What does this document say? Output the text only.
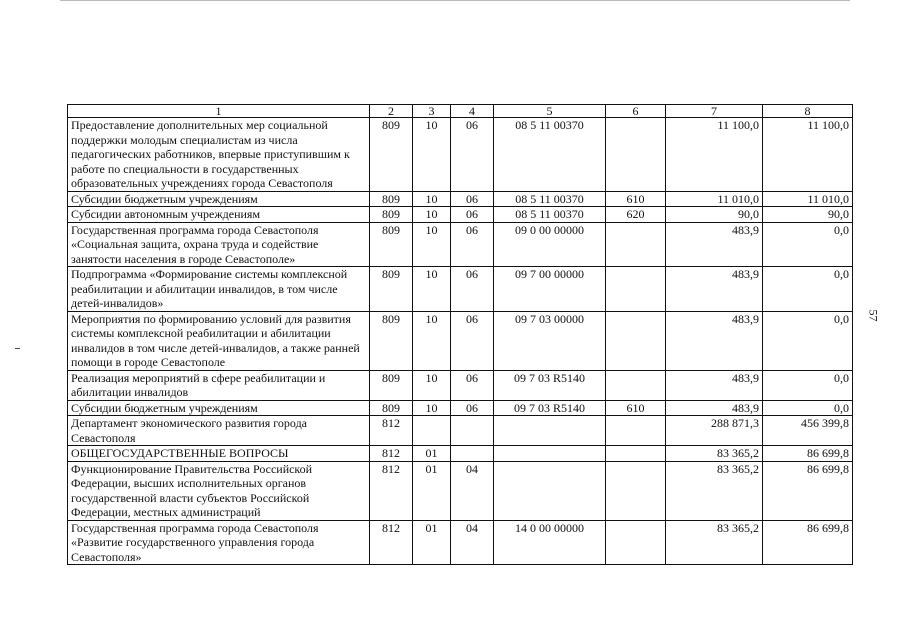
1	2	3	4	5	6	7	8
Предоставление дополнительных мер социальной поддержки молодым специалистам из числа педагогических работников, впервые приступившим к работе по специальности в государственных образовательных учреждениях города Севастополя	809	10	06	08 5 11 00370		11 100,0	11 100,0
Субсидии бюджетным учреждениям	809	10	06	08 5 11 00370	610	11 010,0	11 010,0
Субсидии автономным учреждениям	809	10	06	08 5 11 00370	620	90,0	90,0
Государственная программа города Севастополя «Социальная защита, охрана труда и содействие занятости населения в городе Севастополе»	809	10	06	09 0 00 00000		483,9	0,0
Подпрограмма «Формирование системы комплексной реабилитации и абилитации инвалидов, в том числе детей-инвалидов»	809	10	06	09 7 00 00000		483,9	0,0
Мероприятия по формированию условий для развития системы комплексной реабилитации и абилитации инвалидов в том числе детей-инвалидов, а также ранней помощи в городе Севастополе	809	10	06	09 7 03 00000		483,9	0,0
Реализация мероприятий в сфере реабилитации и абилитации инвалидов	809	10	06	09 7 03 R5140		483,9	0,0
Субсидии бюджетным учреждениям	809	10	06	09 7 03 R5140	610	483,9	0,0
Департамент экономического развития города Севастополя	812					288 871,3	456 399,8
ОБЩЕГОСУДАРСТВЕННЫЕ ВОПРОСЫ	812	01				83 365,2	86 699,8
Функционирование Правительства Российской Федерации, высших исполнительных органов государственной власти субъектов Российской Федерации, местных администраций	812	01	04			83 365,2	86 699,8
Государственная программа города Севастополя «Развитие государственного управления города Севастополя»	812	01	04	14 0 00 00000		83 365,2	86 699,8
57
